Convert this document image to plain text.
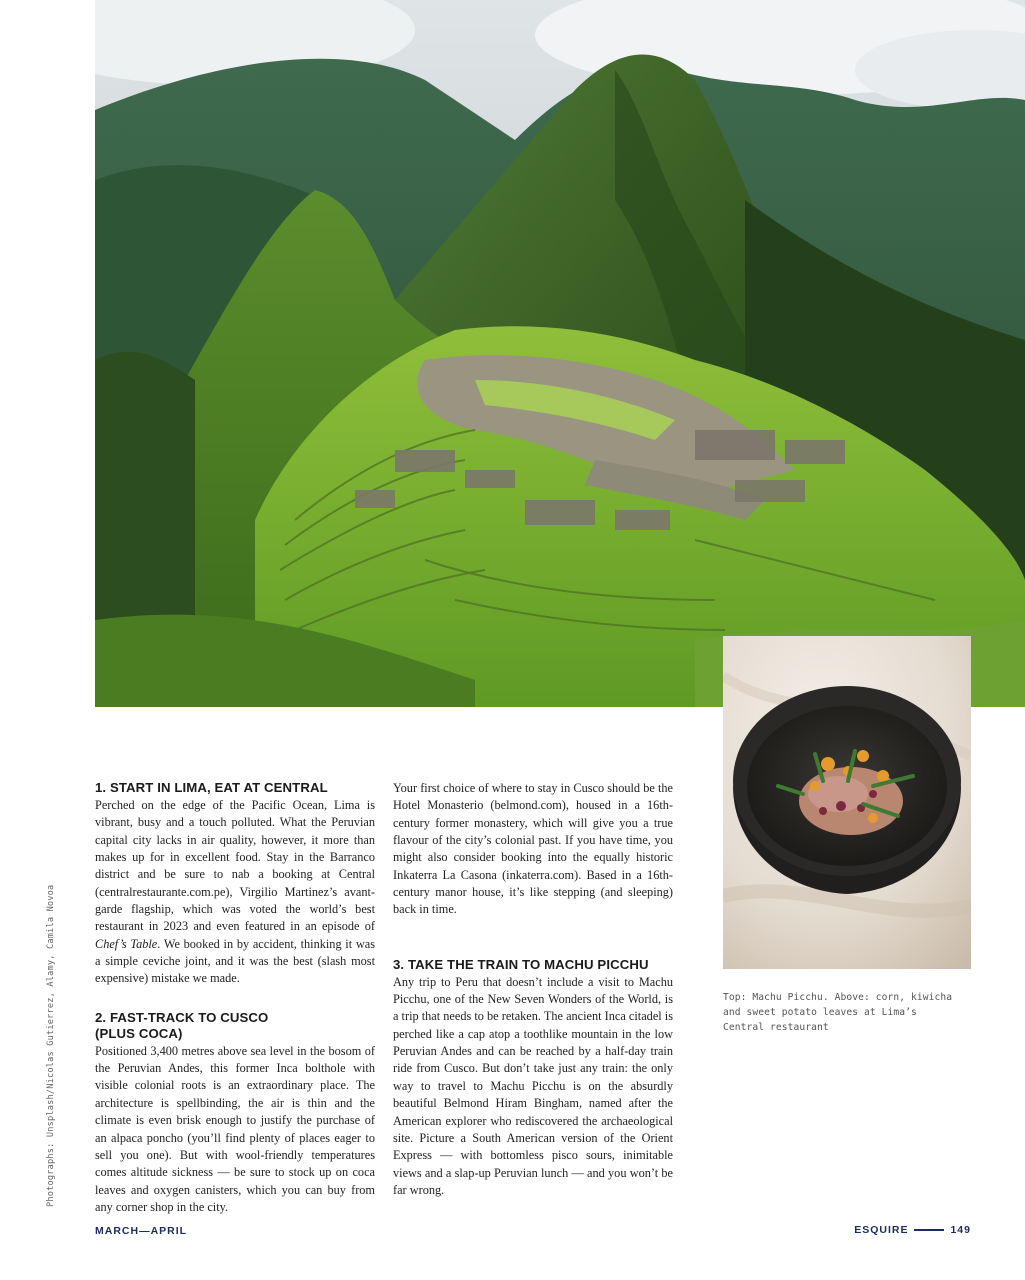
Top: Machu Picchu. Above: corn, kiwicha and sweet potato leaves at Lima’s Central restaurant
Photographs: Unsplash/Nicolas Gutierrez, Alamy, Camila Novoa
1. START IN LIMA, EAT AT CENTRAL

Perched on the edge of the Pacific Ocean, Lima is vibrant, busy and a touch polluted. What the Peruvian capital city lacks in air quality, however, it more than makes up for in excellent food. Stay in the Barranco district and be sure to nab a booking at Central (centralrestaurante.com.pe), Virgilio Martinez’s avant-garde flagship, which was voted the world’s best restaurant in 2023 and even featured in an episode of Chef’s Table. We booked in by accident, thinking it was a simple ceviche joint, and it was the best (slash most expensive) mistake we made.

2. FAST-TRACK TO CUSCO (PLUS COCA)

Positioned 3,400 metres above sea level in the bosom of the Peruvian Andes, this former Inca bolthole with visible colonial roots is an extraordinary place. The architecture is spellbinding, the air is thin and the climate is even brisk enough to justify the purchase of an alpaca poncho (you’ll find plenty of places eager to sell you one). But with wool-friendly temperatures comes altitude sickness — be sure to stock up on coca leaves and oxygen canisters, which you can buy from any corner shop in the city.

Your first choice of where to stay in Cusco should be the Hotel Monasterio (belmond.com), housed in a 16th-century former monastery, which will give you a true flavour of the city’s colonial past. If you have time, you might also consider booking into the equally historic Inkaterra La Casona (inkaterra.com). Based in a 16th-century manor house, it’s like stepping (and sleeping) back in time.

3. TAKE THE TRAIN TO MACHU PICCHU

Any trip to Peru that doesn’t include a visit to Machu Picchu, one of the New Seven Wonders of the World, is a trip that needs to be retaken. The ancient Inca citadel is perched like a cap atop a toothlike mountain in the low Peruvian Andes and can be reached by a half-day train ride from Cusco. But don’t take just any train: the only way to travel to Machu Picchu is on the absurdly beautiful Belmond Hiram Bingham, named after the American explorer who rediscovered the archaeological site. Picture a South American version of the Orient Express — with bottomless pisco sours, inimitable views and a slap-up Peruvian lunch — and you won’t be far wrong.

MARCH—APRIL	ESQUIRE	149
